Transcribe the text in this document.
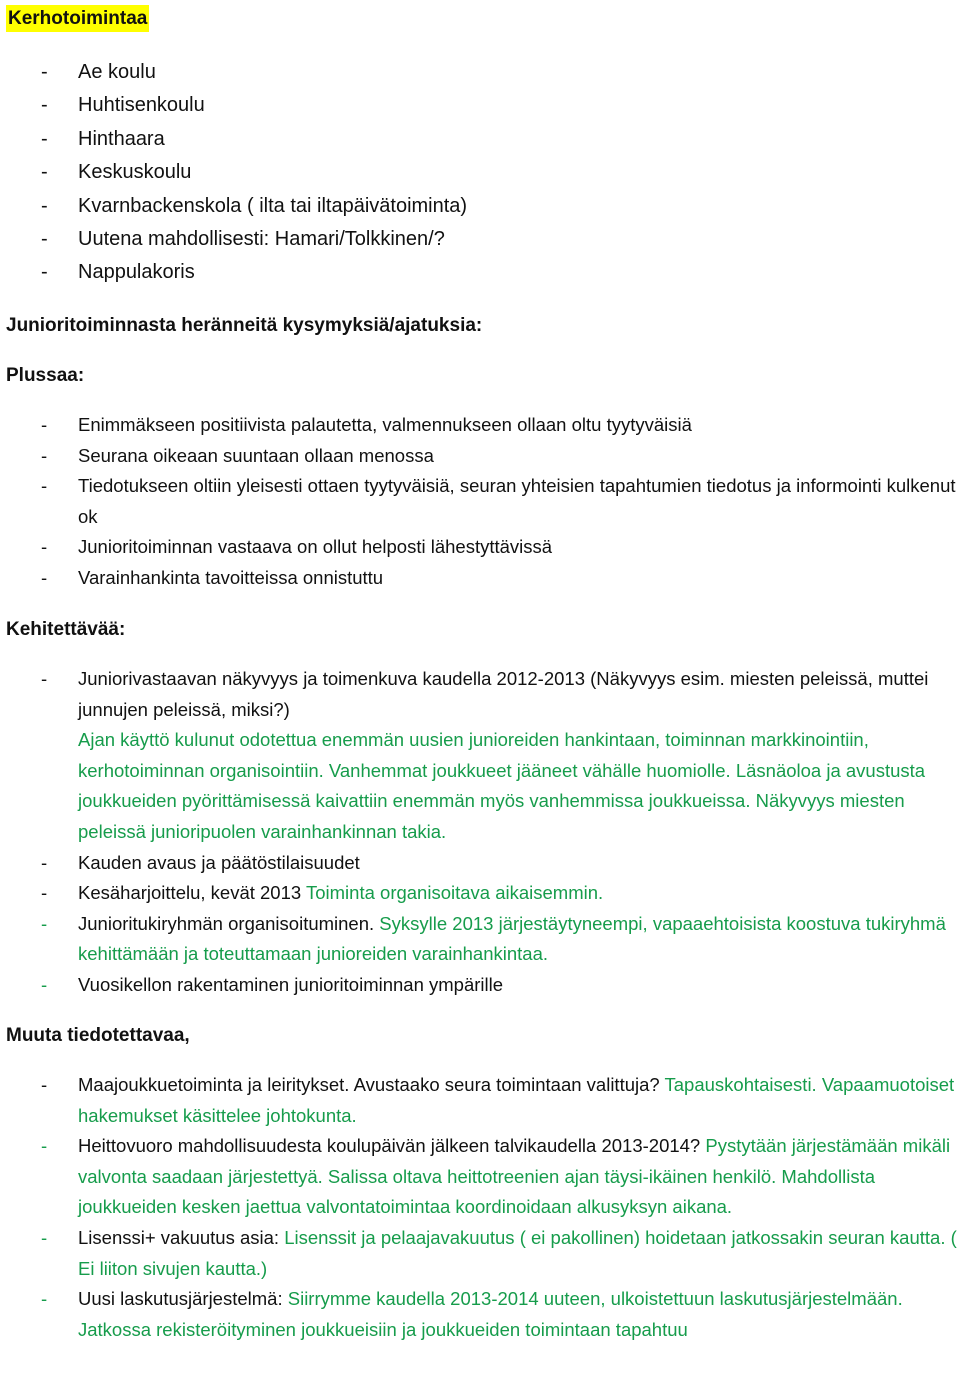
Kerhotoimintaa
- Ae koulu
- Huhtisenkoulu
- Hinthaara
- Keskuskoulu
- Kvarnbackenskola ( ilta tai iltapäivätoiminta)
- Uutena mahdollisesti: Hamari/Tolkkinen/?
- Nappulakoris
Junioritoiminnasta heränneitä kysymyksiä/ajatuksia:
Plussaa:
- Enimmäkseen positiivista palautetta, valmennukseen ollaan oltu tyytyväisiä
- Seurana oikeaan suuntaan ollaan menossa
- Tiedotukseen oltiin yleisesti ottaen tyytyväisiä, seuran yhteisien tapahtumien tiedotus ja informointi kulkenut ok
- Junioritoiminnan vastaava on ollut helposti lähestyttävissä
- Varainhankinta tavoitteissa onnistuttu
Kehitettävää:
- Juniorivastaavan näkyvyys ja toimenkuva kaudella 2012-2013 (Näkyvyys esim. miesten peleissä, muttei junnujen peleissä, miksi?)
Ajan käyttö kulunut odotettua enemmän uusien junioreiden hankintaan, toiminnan markkinointiin, kerhotoiminnan organisointiin. Vanhemmat joukkueet jääneet vähälle huomiolle. Läsnäoloa ja avustusta joukkueiden pyörittämisessä kaivattiin enemmän myös vanhemmissa joukkueissa. Näkyvyys miesten peleissä junioripuolen varainhankinnan takia.
- Kauden avaus ja päätöstilaisuudet
- Kesäharjoittelu, kevät 2013 Toiminta organisoitava aikaisemmin.
- Junioritukiryhmän organisoituminen. Syksylle 2013 järjestäytyneempi, vapaaehtoisista koostuva tukiryhmä kehittämään ja toteuttamaan junioreiden varainhankintaa.
- Vuosikellon rakentaminen junioritoiminnan ympärille
Muuta tiedotettavaa,
- Maajoukkuetoiminta ja leiritykset. Avustaako seura toimintaan valittuja? Tapauskohtaisesti. Vapaamuotoiset hakemukset käsittelee johtokunta.
- Heittovuoro mahdollisuudesta koulupäivän jälkeen talvikaudella 2013-2014? Pystytään järjestämään mikäli valvonta saadaan järjestettyä. Salissa oltava heittotreenien ajan täysi-ikäinen henkilö. Mahdollista joukkueiden kesken jaettua valvontatoimintaa koordinoidaan alkusyksyn aikana.
- Lisenssi+ vakuutus asia: Lisenssit ja pelaajavakuutus ( ei pakollinen) hoidetaan jatkossakin seuran kautta. ( Ei liiton sivujen kautta.)
- Uusi laskutusjärjestelmä: Siirrymme kaudella 2013-2014 uuteen, ulkoistettuun laskutusjärjestelmään. Jatkossa rekisteröityminen joukkueisiin ja joukkueiden toimintaan tapahtuu
